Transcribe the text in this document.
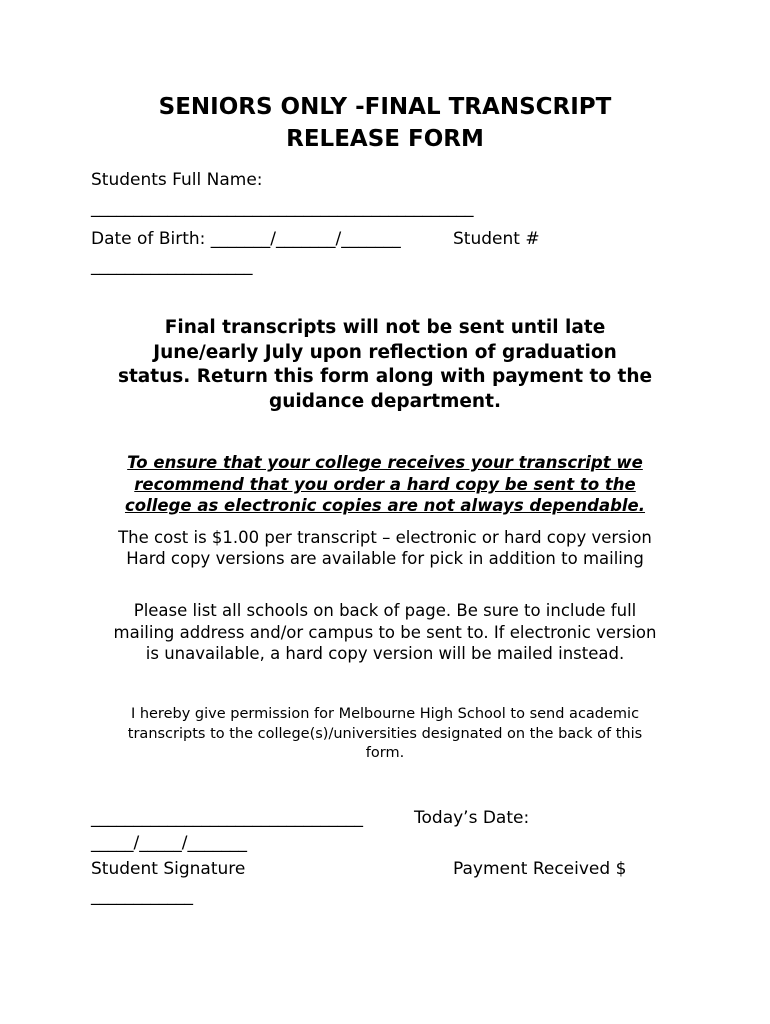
SENIORS ONLY -FINAL TRANSCRIPT
RELEASE FORM
Students Full Name:
_____________________________________________
Date of Birth: _______/_______/_______	Student #
___________________
Final transcripts will not be sent until late
June/early July upon reflection of graduation
status. Return this form along with payment to the
guidance department.
To ensure that your college receives your transcript we
recommend that you order a hard copy be sent to the
college as electronic copies are not always dependable.
The cost is $1.00 per transcript – electronic or hard copy version
Hard copy versions are available for pick in addition to mailing
Please list all schools on back of page. Be sure to include full
mailing address and/or campus to be sent to. If electronic version
is unavailable, a hard copy version will be mailed instead.
I hereby give permission for Melbourne High School to send academic
transcripts to the college(s)/universities designated on the back of this
form.
________________________________	Today’s Date:
_____/_____/_______
Student Signature	Payment Received $
____________
